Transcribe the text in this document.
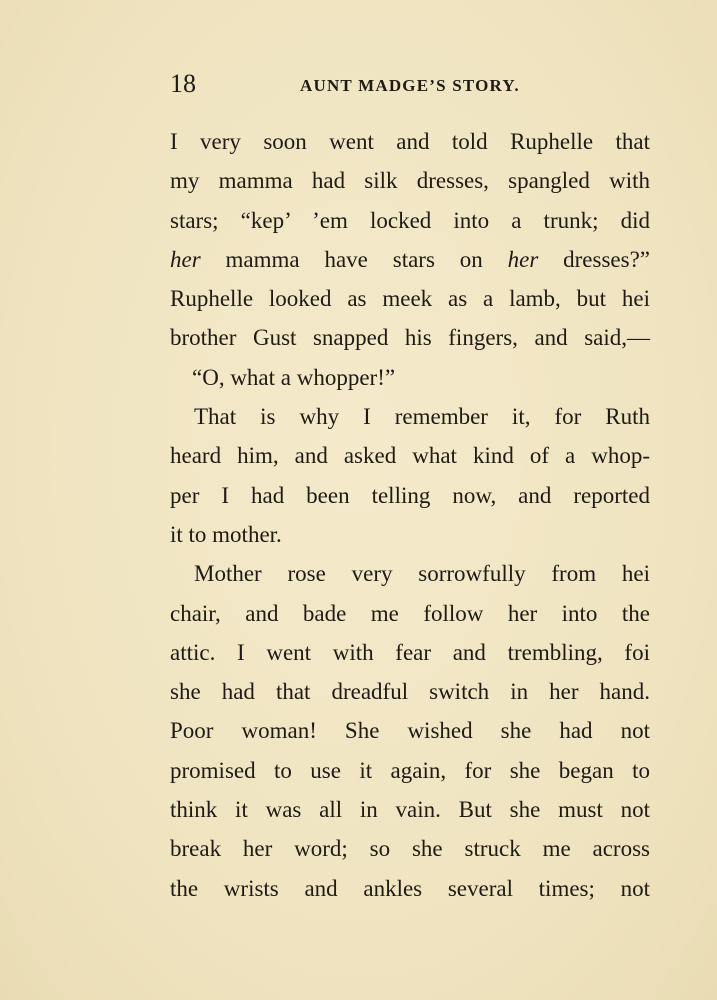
18	AUNT MADGE’S STORY.
I very soon went and told Ruphelle that
my mamma had silk dresses, spangled with
stars; “kep’ ’em locked into a trunk; did
her mamma have stars on her dresses?”
Ruphelle looked as meek as a lamb, but hei
brother Gust snapped his fingers, and said,—
“O, what a whopper!”
That is why I remember it, for Ruth
heard him, and asked what kind of a whop-
per I had been telling now, and reported
it to mother.
Mother rose very sorrowfully from hei
chair, and bade me follow her into the
attic. I went with fear and trembling, foi
she had that dreadful switch in her hand.
Poor woman! She wished she had not
promised to use it again, for she began to
think it was all in vain. But she must not
break her word; so she struck me across
the wrists and ankles several times; not
